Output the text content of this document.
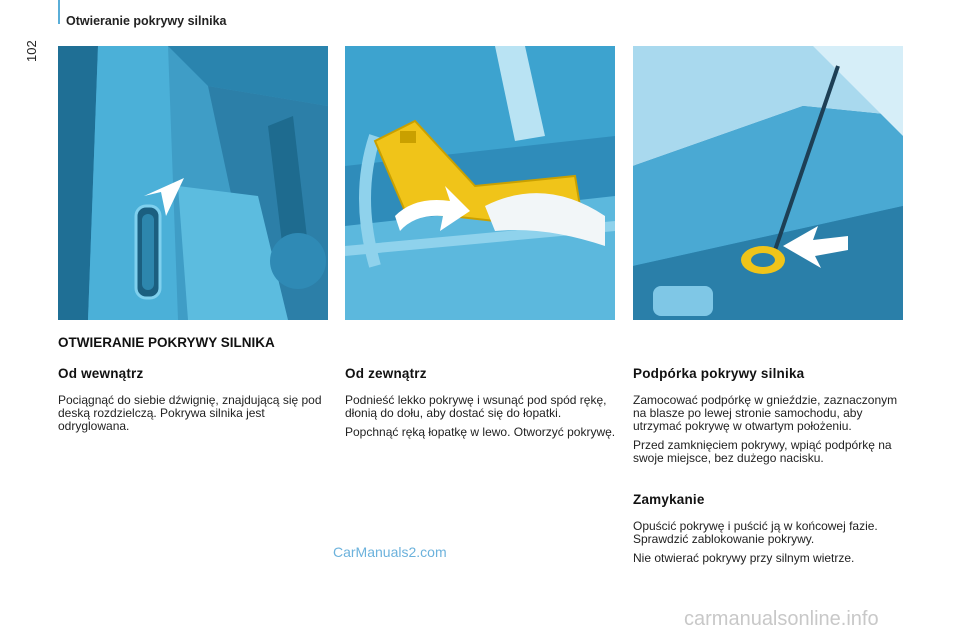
Otwieranie pokrywy silnika
102
OTWIERANIE POKRYWY SILNIKA
Od wewnątrz

Pociągnąć do siebie dźwignię, znajdującą się pod deską rozdzielczą. Pokrywa silnika jest odryglowana.

Od zewnątrz

Podnieść lekko pokrywę i wsunąć pod spód rękę, dłonią do dołu, aby dostać się do łopatki.

Popchnąć ręką łopatkę w lewo. Otworzyć pokrywę.

Podpórka pokrywy silnika

Zamocować podpórkę w gnieździe, zaznaczonym na blasze po lewej stronie samochodu, aby utrzymać pokrywę w otwartym położeniu.

Przed zamknięciem pokrywy, wpiąć podpórkę na swoje miejsce, bez dużego nacisku.

Zamykanie

Opuścić pokrywę i puścić ją w końcowej fazie. Sprawdzić zablokowanie pokrywy.

Nie otwierać pokrywy przy silnym wietrze.

CarManuals2.com
carmanualsonline.info
